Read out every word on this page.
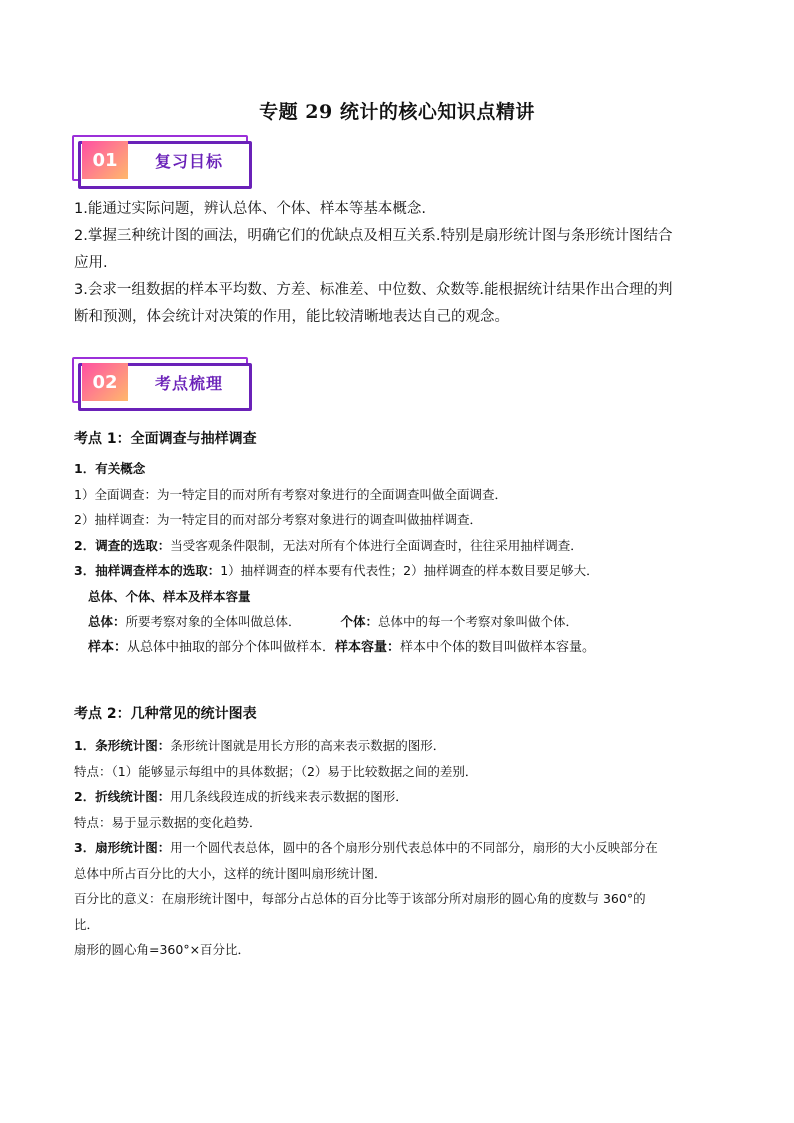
专题 29 统计的核心知识点精讲
01	复习目标
1.能通过实际问题，辨认总体、个体、样本等基本概念.
2.掌握三种统计图的画法，明确它们的优缺点及相互关系.特别是扇形统计图与条形统计图结合
应用.
3.会求一组数据的样本平均数、方差、标准差、中位数、众数等.能根据统计结果作出合理的判
断和预测，体会统计对决策的作用，能比较清晰地表达自己的观念。
02	考点梳理
考点 1：全面调查与抽样调查
1．有关概念
1）全面调查：为一特定目的而对所有考察对象进行的全面调查叫做全面调查．
2）抽样调查：为一特定目的而对部分考察对象进行的调查叫做抽样调查．
2．调查的选取：当受客观条件限制，无法对所有个体进行全面调查时，往往采用抽样调查．
3．抽样调查样本的选取：1）抽样调查的样本要有代表性；2）抽样调查的样本数目要足够大．
总体、个体、样本及样本容量
总体：所要考察对象的全体叫做总体．	个体：总体中的每一个考察对象叫做个体．
样本：从总体中抽取的部分个体叫做样本．样本容量：样本中个体的数目叫做样本容量。
考点 2：几种常见的统计图表
1．条形统计图：条形统计图就是用长方形的高来表示数据的图形．
特点：（1）能够显示每组中的具体数据；（2）易于比较数据之间的差别．
2．折线统计图：用几条线段连成的折线来表示数据的图形．
特点：易于显示数据的变化趋势．
3．扇形统计图：用一个圆代表总体，圆中的各个扇形分别代表总体中的不同部分，扇形的大小反映部分在
总体中所占百分比的大小，这样的统计图叫扇形统计图．
百分比的意义：在扇形统计图中，每部分占总体的百分比等于该部分所对扇形的圆心角的度数与 360°的
比．
扇形的圆心角=360°×百分比．
